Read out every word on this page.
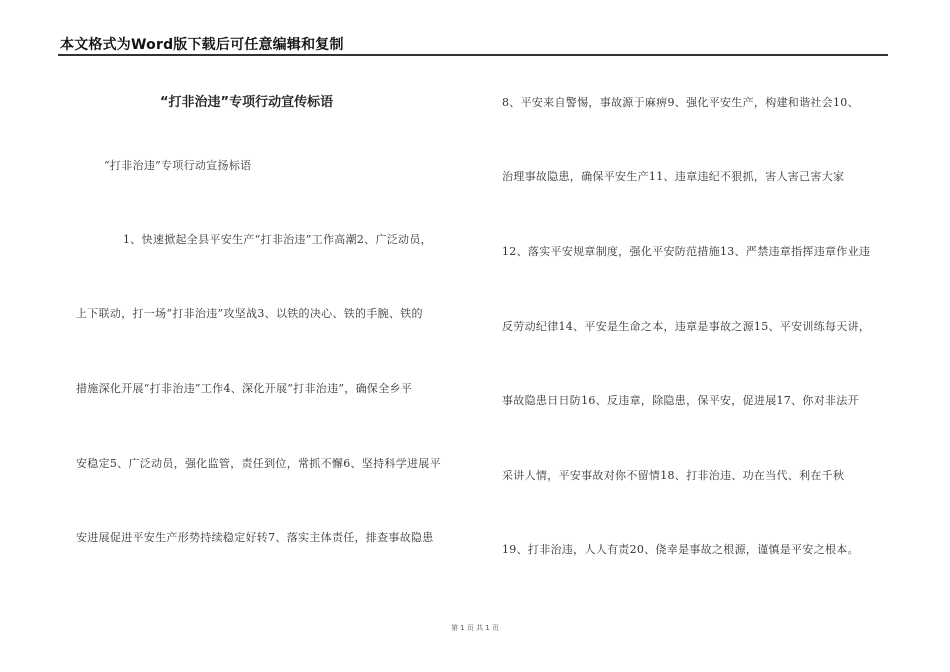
本文格式为Word版下载后可任意编辑和复制
“打非治违”专项行动宣传标语
“打非治违”专项行动宣扬标语
1、快速掀起全县平安生产“打非治违”工作高潮2、广泛动员，
上下联动，打一场“打非治违”攻坚战3、以铁的决心、铁的手腕、铁的
措施深化开展“打非治违”工作4、深化开展“打非治违”，确保全乡平
安稳定5、广泛动员，强化监管，责任到位，常抓不懈6、坚持科学进展平
安进展促进平安生产形势持续稳定好转7、落实主体责任，排查事故隐患
8、平安来自警惕，事故源于麻痹9、强化平安生产，构建和谐社会10、
治理事故隐患，确保平安生产11、违章违纪不狠抓，害人害己害大家
12、落实平安规章制度，强化平安防范措施13、严禁违章指挥违章作业违
反劳动纪律14、平安是生命之本，违章是事故之源15、平安训练每天讲，
事故隐患日日防16、反违章，除隐患，保平安，促进展17、你对非法开
采讲人情，平安事故对你不留情18、打非治违、功在当代、利在千秋
19、打非治违，人人有责20、侥幸是事故之根源，谨慎是平安之根本。
第 1 页 共 1 页
